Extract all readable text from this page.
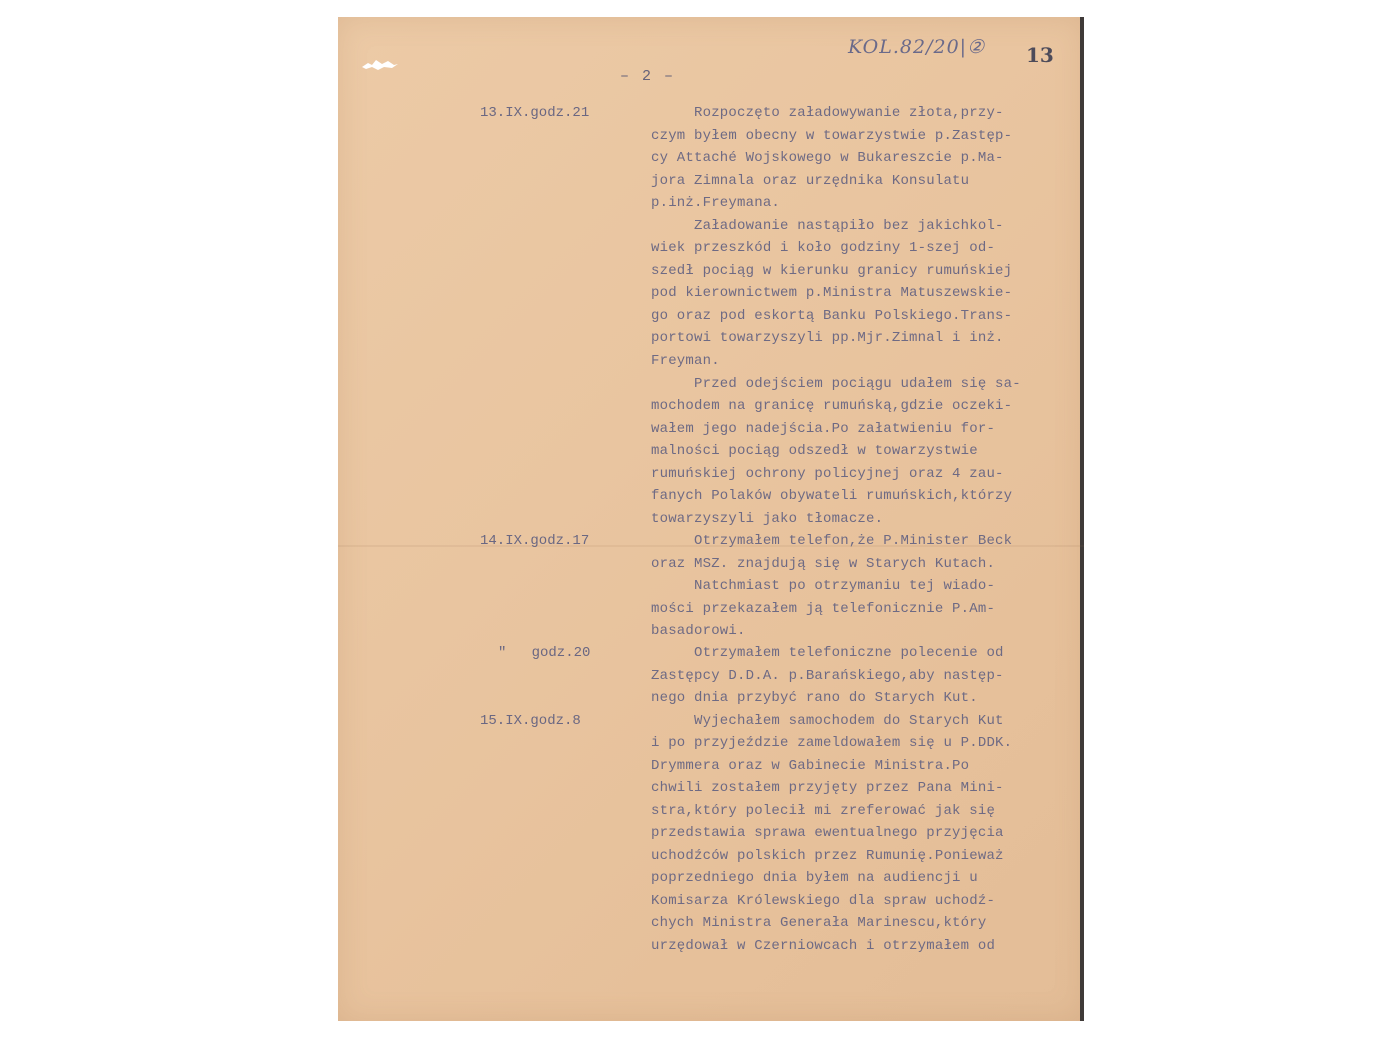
KOL.82/20|② 13
– 2 –
13.IX.godz.21
14.IX.godz.17
"   godz.20
15.IX.godz.8
Rozpoczęto załadowywanie złota,przy-
czym byłem obecny w towarzystwie p.Zastęp-
cy Attaché Wojskowego w Bukareszcie p.Ma-
jora Zimnala oraz urzędnika Konsulatu
p.inż.Freymana.
Załadowanie nastąpiło bez jakichkol-
wiek przeszkód i koło godziny 1-szej od-
szedł pociąg w kierunku granicy rumuńskiej
pod kierownictwem p.Ministra Matuszewskie-
go oraz pod eskortą Banku Polskiego.Trans-
portowi towarzyszyli pp.Mjr.Zimnal i inż.
Freyman.
Przed odejściem pociągu udałem się sa-
mochodem na granicę rumuńską,gdzie oczeki-
wałem jego nadejścia.Po załatwieniu for-
malności pociąg odszedł w towarzystwie
rumuńskiej ochrony policyjnej oraz 4 zau-
fanych Polaków obywateli rumuńskich,którzy
towarzyszyli jako tłomacze.
Otrzymałem telefon,że P.Minister Beck
oraz MSZ. znajdują się w Starych Kutach.
Natchmiast po otrzymaniu tej wiado-
mości przekazałem ją telefonicznie P.Am-
basadorowi.
Otrzymałem telefoniczne polecenie od
Zastępcy D.D.A. p.Barańskiego,aby następ-
nego dnia przybyć rano do Starych Kut.
Wyjechałem samochodem do Starych Kut
i po przyjeździe zameldowałem się u P.DDK.
Drymmera oraz w Gabinecie Ministra.Po
chwili zostałem przyjęty przez Pana Mini-
stra,który polecił mi zreferować jak się
przedstawia sprawa ewentualnego przyjęcia
uchodźców polskich przez Rumunię.Ponieważ
poprzedniego dnia byłem na audiencji u
Komisarza Królewskiego dla spraw uchodź-
chych Ministra Generała Marinescu,który
urzędował w Czerniowcach i otrzymałem od
